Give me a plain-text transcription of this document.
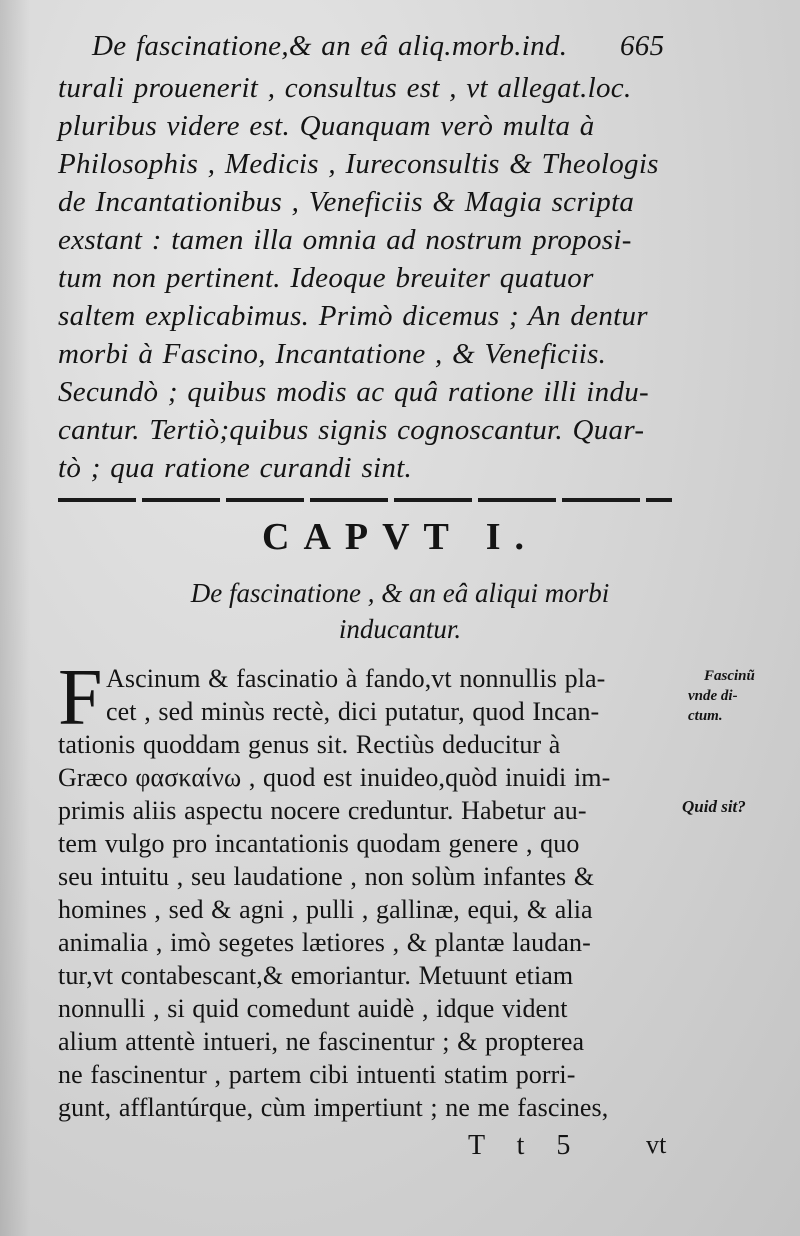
De fascinatione,& an eâ aliq.morb.ind. 665
turali prouenerit , consultus est , vt allegat.loc.
pluribus videre est. Quanquam verò multa à
Philosophis , Medicis , Iureconsultis & Theologis
de Incantationibus , Veneficiis & Magia scripta
exstant : tamen illa omnia ad nostrum proposi-
tum non pertinent. Ideoque breuiter quatuor
saltem explicabimus. Primò dicemus ; An dentur
morbi à Fascino, Incantatione , & Veneficiis.
Secundò ; quibus modis ac quâ ratione illi indu-
cantur. Tertiò;quibus signis cognoscantur. Quar-
tò ; qua ratione curandi sint.
CAPVT I.
De fascinatione , & an eâ aliqui morbi
inducantur.
F Ascinum & fascinatio à fando,vt nonnullis pla-
cet , sed minùs rectè, dici putatur, quod Incan-
tationis quoddam genus sit. Rectiùs deducitur à
Græco φασκαίνω , quod est inuideo,quòd inuidi im-
primis aliis aspectu nocere creduntur. Habetur au-
tem vulgo pro incantationis quodam genere , quo
seu intuitu , seu laudatione , non solùm infantes &
homines , sed & agni , pulli , gallinæ, equi, & alia
animalia , imò segetes lætiores , & plantæ laudan-
tur,vt contabescant,& emoriantur. Metuunt etiam
nonnulli , si quid comedunt auidè , idque vident
alium attentè intueri, ne fascinentur ; & propterea
ne fascinentur , partem cibi intuenti statim porri-
gunt, afflantúrque, cùm impertiunt ; ne me fascines,
Fascinũ
vnde di-
ctum.
Quid sit?
T t 5 vt
